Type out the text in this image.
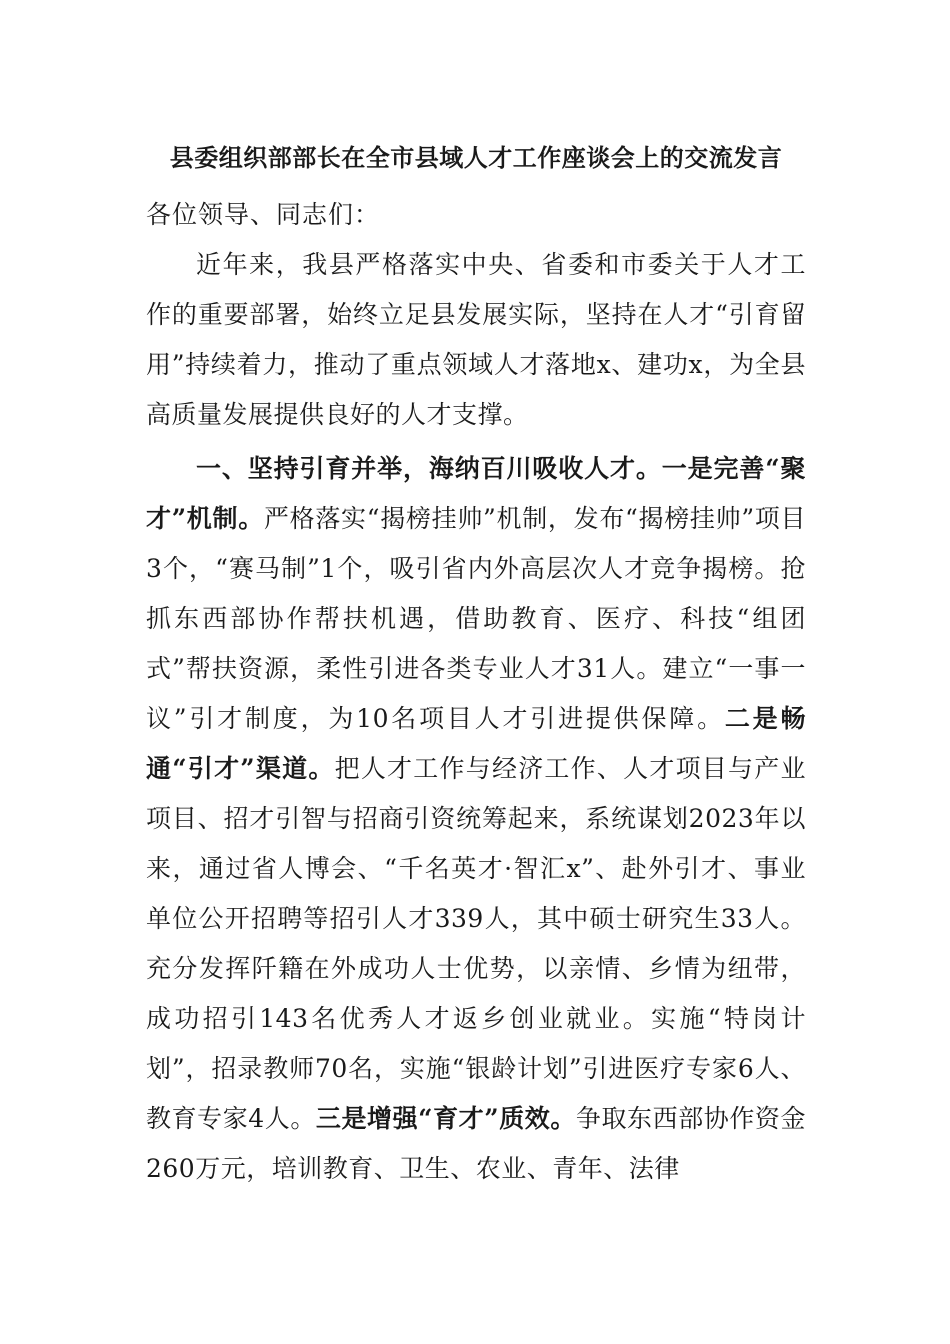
县委组织部部长在全市县域人才工作座谈会上的交流发言

各位领导、同志们：

近年来，我县严格落实中央、省委和市委关于人才工作的重要部署，始终立足县发展实际，坚持在人才“引育留用”持续着力，推动了重点领域人才落地x、建功x，为全县高质量发展提供良好的人才支撑。

一、坚持引育并举，海纳百川吸收人才。一是完善“聚才”机制。严格落实“揭榜挂帅”机制，发布“揭榜挂帅”项目3个，“赛马制”1个，吸引省内外高层次人才竞争揭榜。抢抓东西部协作帮扶机遇，借助教育、医疗、科技“组团式”帮扶资源，柔性引进各类专业人才31人。建立“一事一议”引才制度，为10名项目人才引进提供保障。二是畅通“引才”渠道。把人才工作与经济工作、人才项目与产业项目、招才引智与招商引资统筹起来，系统谋划2023年以来，通过省人博会、“千名英才·智汇x”、赴外引才、事业单位公开招聘等招引人才339人，其中硕士研究生33人。充分发挥阡籍在外成功人士优势，以亲情、乡情为纽带，成功招引143名优秀人才返乡创业就业。实施“特岗计划”，招录教师70名，实施“银龄计划”引进医疗专家6人、教育专家4人。三是增强“育才”质效。争取东西部协作资金260万元，培训教育、卫生、农业、青年、法律
